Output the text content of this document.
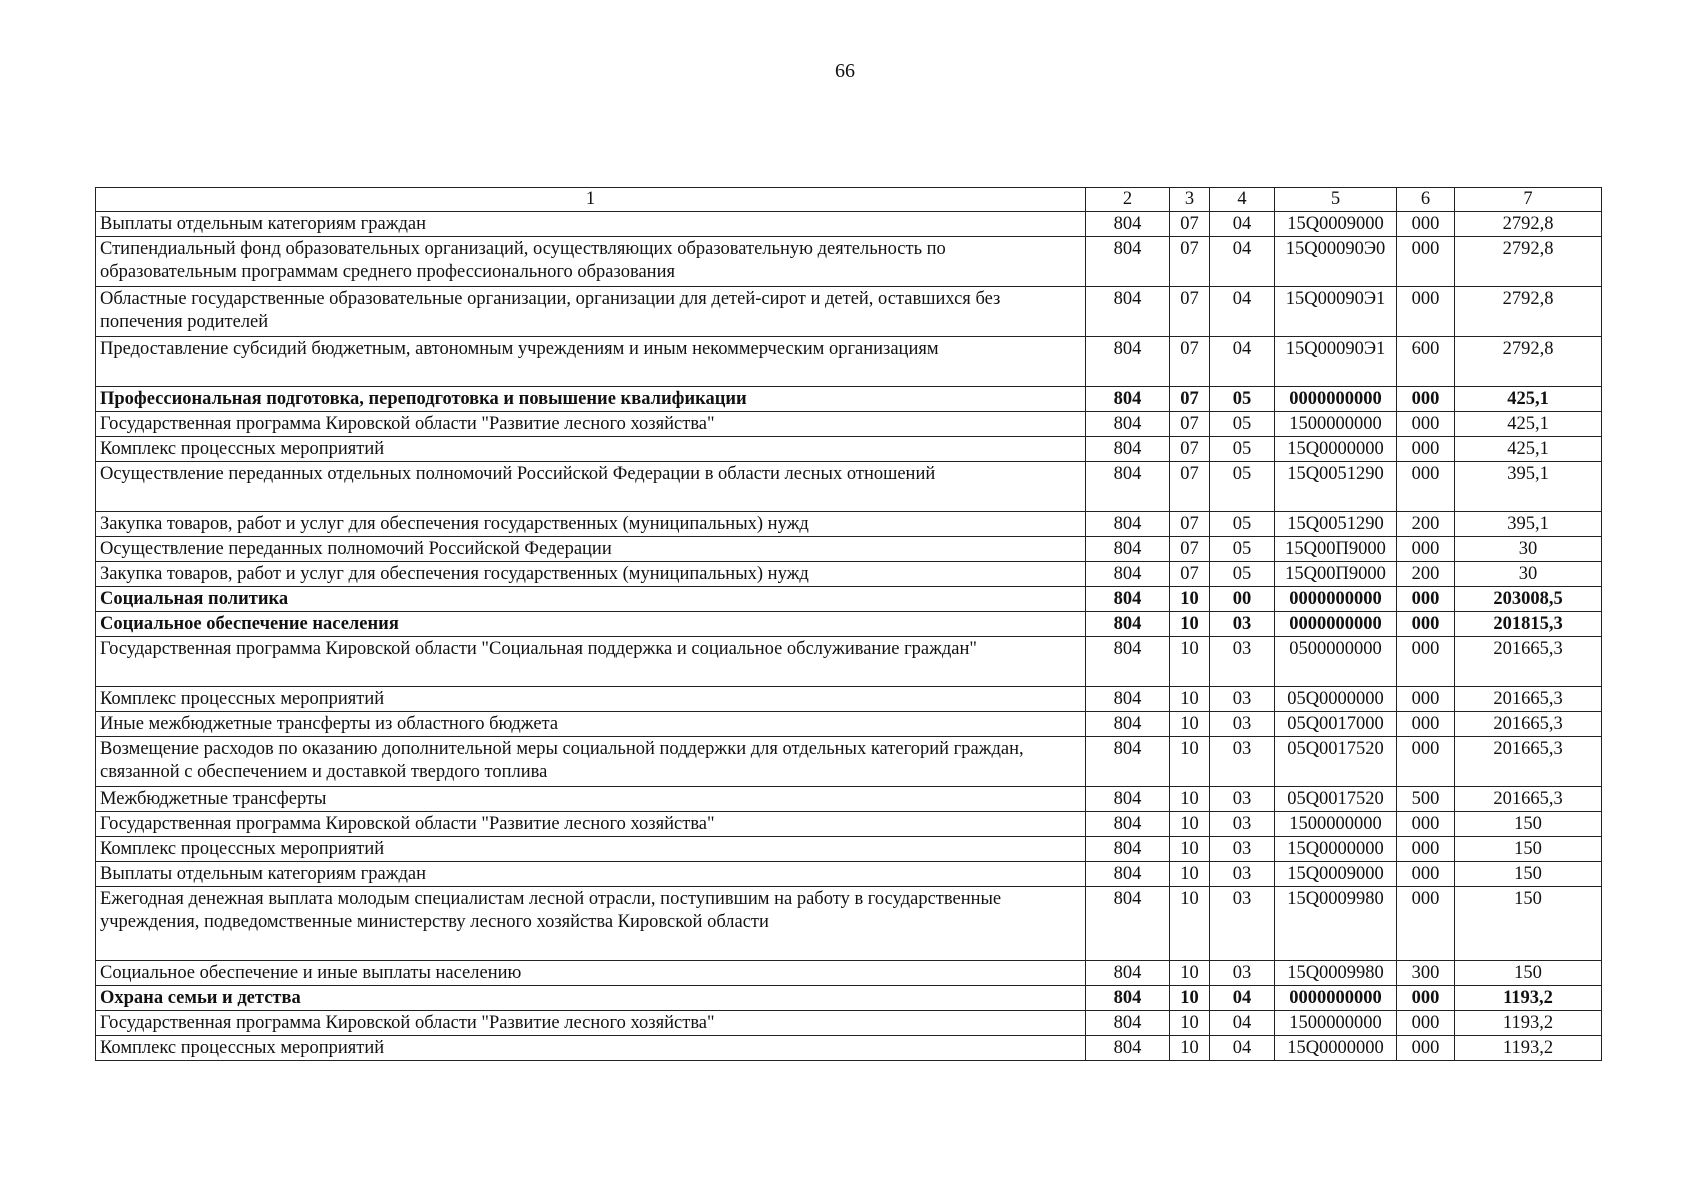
66
1	2	3	4	5	6	7
Выплаты отдельным категориям граждан	804	07	04	15Q0009000	000	2792,8
Стипендиальный фонд образовательных организаций, осуществляющих образовательную деятельность по образовательным программам среднего профессионального образования	804	07	04	15Q00090Э0	000	2792,8
Областные государственные образовательные организации, организации для детей-сирот и детей, оставшихся без попечения родителей	804	07	04	15Q00090Э1	000	2792,8
Предоставление субсидий бюджетным, автономным учреждениям и иным некоммерческим организациям	804	07	04	15Q00090Э1	600	2792,8
Профессиональная подготовка, переподготовка и повышение квалификации	804	07	05	0000000000	000	425,1
Государственная программа Кировской области "Развитие лесного хозяйства"	804	07	05	1500000000	000	425,1
Комплекс процессных мероприятий	804	07	05	15Q0000000	000	425,1
Осуществление переданных отдельных полномочий Российской Федерации в области лесных отношений	804	07	05	15Q0051290	000	395,1
Закупка товаров, работ и услуг для обеспечения государственных (муниципальных) нужд	804	07	05	15Q0051290	200	395,1
Осуществление переданных полномочий Российской Федерации	804	07	05	15Q00П9000	000	30
Закупка товаров, работ и услуг для обеспечения государственных (муниципальных) нужд	804	07	05	15Q00П9000	200	30
Социальная политика	804	10	00	0000000000	000	203008,5
Социальное обеспечение населения	804	10	03	0000000000	000	201815,3
Государственная программа Кировской области "Социальная поддержка и социальное обслуживание граждан"	804	10	03	0500000000	000	201665,3
Комплекс процессных мероприятий	804	10	03	05Q0000000	000	201665,3
Иные межбюджетные трансферты из областного бюджета	804	10	03	05Q0017000	000	201665,3
Возмещение расходов по оказанию дополнительной меры социальной поддержки для отдельных категорий граждан, связанной с обеспечением и доставкой твердого топлива	804	10	03	05Q0017520	000	201665,3
Межбюджетные трансферты	804	10	03	05Q0017520	500	201665,3
Государственная программа Кировской области "Развитие лесного хозяйства"	804	10	03	1500000000	000	150
Комплекс процессных мероприятий	804	10	03	15Q0000000	000	150
Выплаты отдельным категориям граждан	804	10	03	15Q0009000	000	150
Ежегодная денежная выплата молодым специалистам лесной отрасли, поступившим на работу в государственные учреждения, подведомственные министерству лесного хозяйства Кировской области	804	10	03	15Q0009980	000	150
Социальное обеспечение и иные выплаты населению	804	10	03	15Q0009980	300	150
Охрана семьи и детства	804	10	04	0000000000	000	1193,2
Государственная программа Кировской области "Развитие лесного хозяйства"	804	10	04	1500000000	000	1193,2
Комплекс процессных мероприятий	804	10	04	15Q0000000	000	1193,2
